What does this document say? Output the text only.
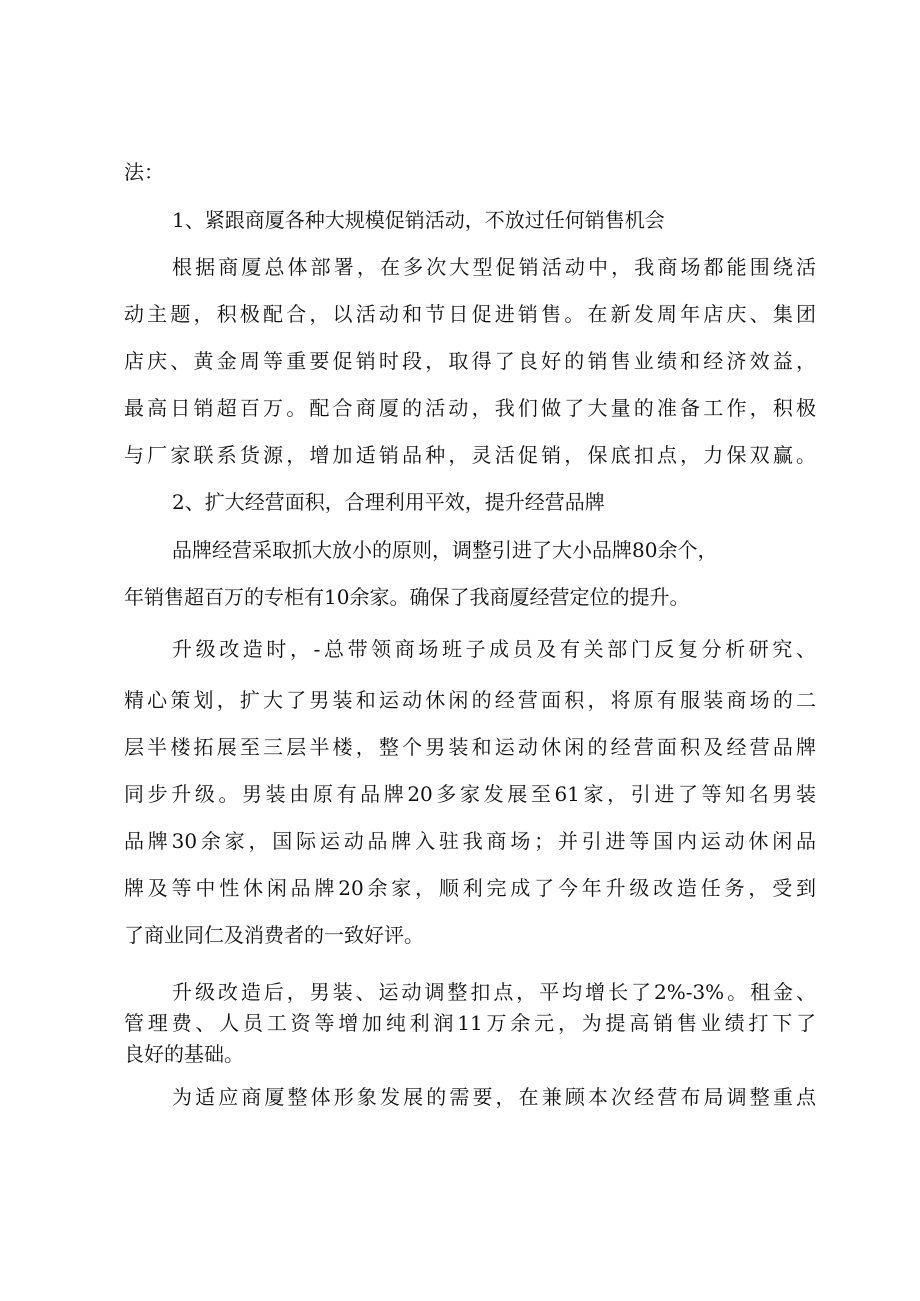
法：
1、紧跟商厦各种大规模促销活动，不放过任何销售机会
根据商厦总体部署，在多次大型促销活动中，我商场都能围绕活
动主题，积极配合，以活动和节日促进销售。在新发周年店庆、集团
店庆、黄金周等重要促销时段，取得了良好的销售业绩和经济效益，
最高日销超百万。配合商厦的活动，我们做了大量的准备工作，积极
与厂家联系货源，增加适销品种，灵活促销，保底扣点，力保双赢。
2、扩大经营面积，合理利用平效，提升经营品牌
品牌经营采取抓大放小的原则，调整引进了大小品牌80余个，
年销售超百万的专柜有10余家。确保了我商厦经营定位的提升。
升级改造时，-总带领商场班子成员及有关部门反复分析研究、
精心策划，扩大了男装和运动休闲的经营面积，将原有服装商场的二
层半楼拓展至三层半楼，整个男装和运动休闲的经营面积及经营品牌
同步升级。男装由原有品牌20多家发展至61家，引进了等知名男装
品牌30余家，国际运动品牌入驻我商场；并引进等国内运动休闲品
牌及等中性休闲品牌20余家，顺利完成了今年升级改造任务，受到
了商业同仁及消费者的一致好评。
升级改造后，男装、运动调整扣点，平均增长了2%-3%。租金、
管理费、人员工资等增加纯利润11万余元，为提高销售业绩打下了
良好的基础。
为适应商厦整体形象发展的需要，在兼顾本次经营布局调整重点
